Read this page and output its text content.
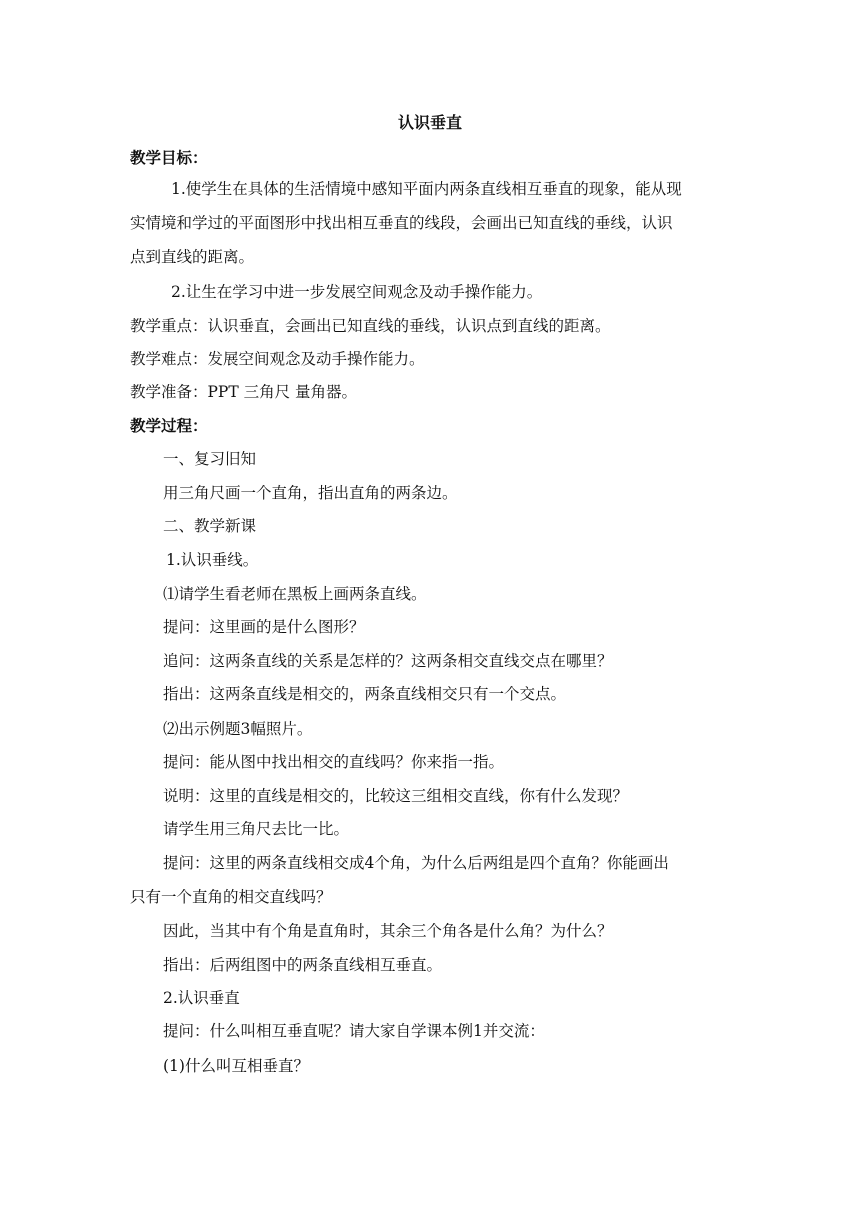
认识垂直
教学目标：
1.使学生在具体的生活情境中感知平面内两条直线相互垂直的现象，能从现
实情境和学过的平面图形中找出相互垂直的线段，会画出已知直线的垂线，认识
点到直线的距离。
2.让生在学习中进一步发展空间观念及动手操作能力。
教学重点：认识垂直，会画出已知直线的垂线，认识点到直线的距离。
教学难点：发展空间观念及动手操作能力。
教学准备：PPT 三角尺 量角器。
教学过程：
一、复习旧知
用三角尺画一个直角，指出直角的两条边。
二、教学新课
1.认识垂线。
⑴请学生看老师在黑板上画两条直线。
提问：这里画的是什么图形？
追问：这两条直线的关系是怎样的？这两条相交直线交点在哪里？
指出：这两条直线是相交的，两条直线相交只有一个交点。
⑵出示例题3幅照片。
提问：能从图中找出相交的直线吗？你来指一指。
说明：这里的直线是相交的，比较这三组相交直线，你有什么发现？
请学生用三角尺去比一比。
提问：这里的两条直线相交成4个角，为什么后两组是四个直角？你能画出
只有一个直角的相交直线吗？
因此，当其中有个角是直角时，其余三个角各是什么角？为什么？
指出：后两组图中的两条直线相互垂直。
2.认识垂直
提问：什么叫相互垂直呢？请大家自学课本例1并交流：
(1)什么叫互相垂直？
